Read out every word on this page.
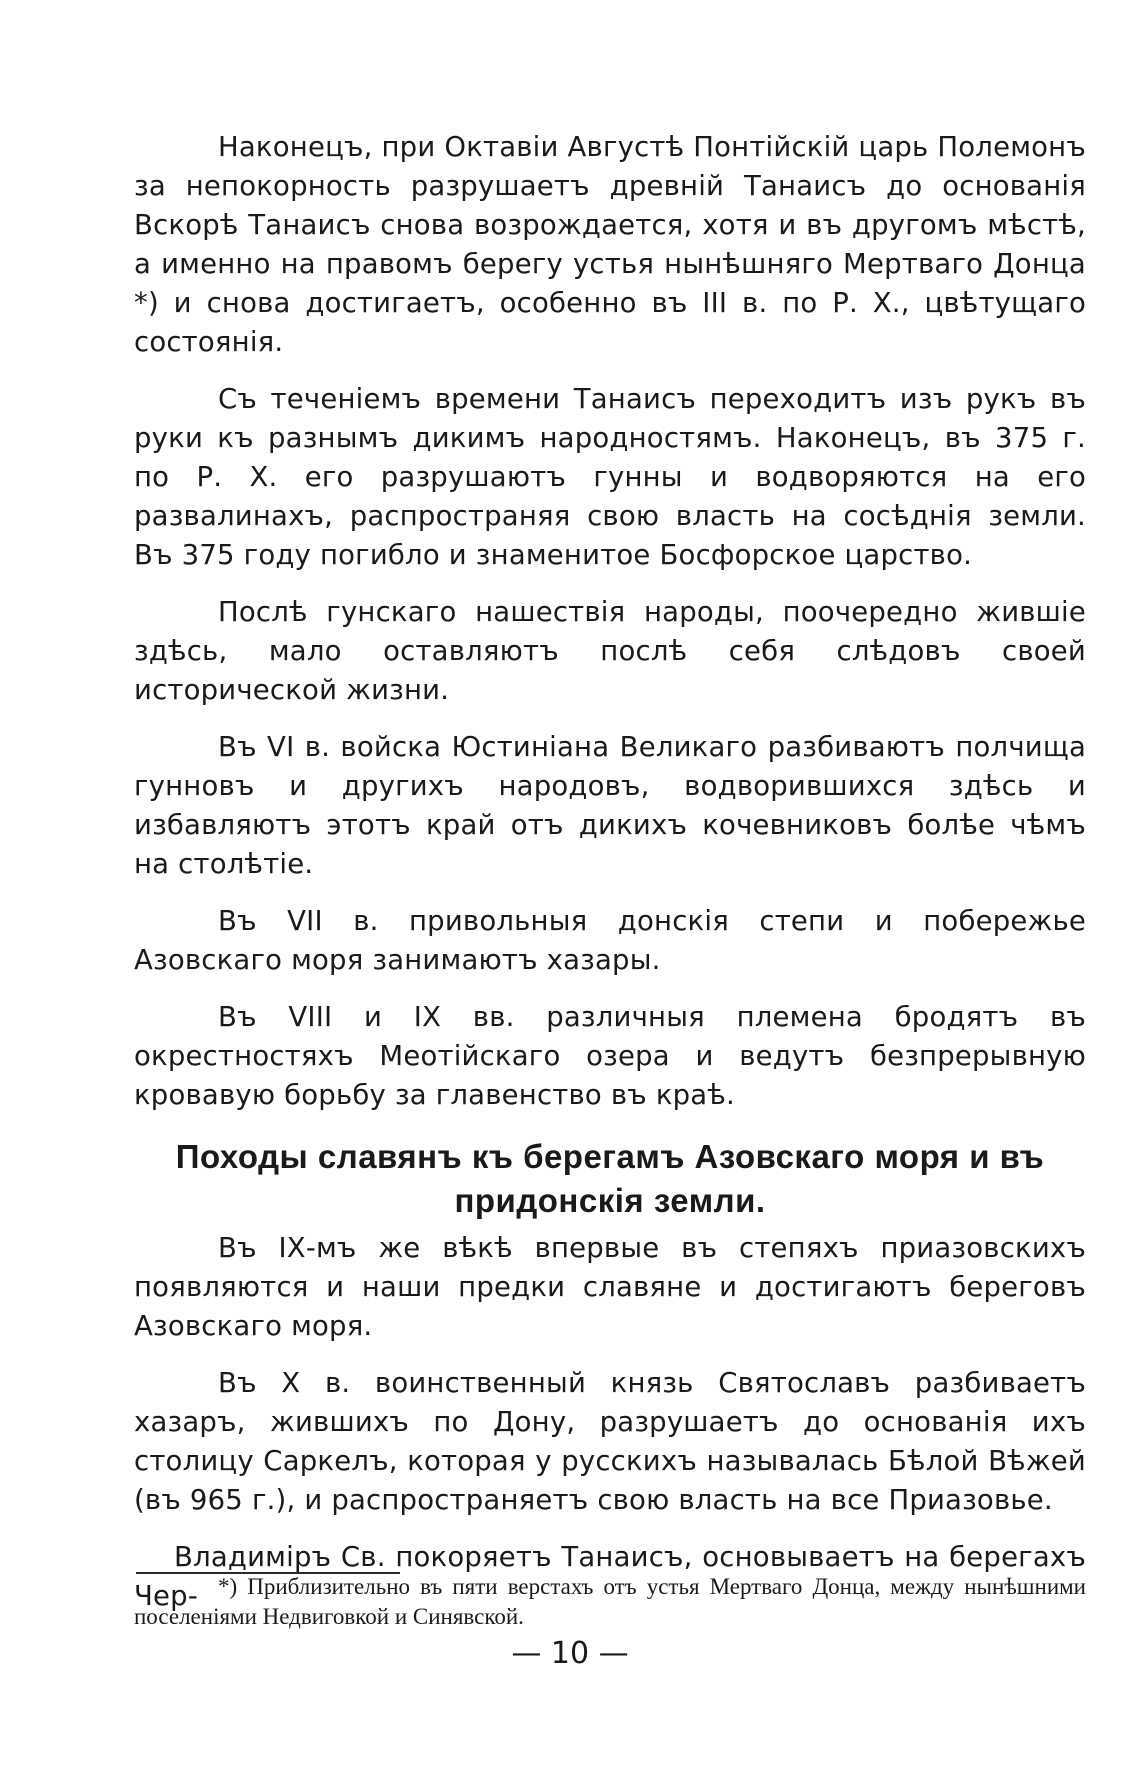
Наконецъ, при Октавіи Августѣ Понтійскій царь Полемонъ за непокорность разрушаетъ древній Танаисъ до основанія Вскорѣ Танаисъ снова возрождается, хотя и въ другомъ мѣстѣ, а именно на правомъ берегу устья нынѣшняго Мертваго Донца *) и снова достигаетъ, особенно въ III в. по Р. Х., цвѣтущаго состоянія.

Съ теченіемъ времени Танаисъ переходитъ изъ рукъ въ руки къ разнымъ дикимъ народностямъ. Наконецъ, въ 375 г. по Р. Х. его разрушаютъ гунны и водворяются на его развалинахъ, распространяя свою власть на сосѣднія земли. Въ 375 году погибло и знаменитое Босфорское царство.

Послѣ гунскаго нашествія народы, поочередно жившіе здѣсь, мало оставляютъ послѣ себя слѣдовъ своей исторической жизни.

Въ VI в. войска Юстиніана Великаго разбиваютъ полчища гунновъ и другихъ народовъ, водворившихся здѣсь и избавляютъ этотъ край отъ дикихъ кочевниковъ болѣе чѣмъ на столѣтіе.

Въ VII в. привольныя донскія степи и побережье Азовскаго моря занимаютъ хазары.

Въ VIII и IX вв. различныя племена бродятъ въ окрестностяхъ Меотійскаго озера и ведутъ безпрерывную кровавую борьбу за главенство въ краѣ.

Походы славянъ къ берегамъ Азовскаго моря и въ придонскія земли.

Въ IХ-мъ же вѣкѣ впервые въ степяхъ приазовскихъ появляются и наши предки славяне и достигаютъ береговъ Азовскаго моря.

Въ Х в. воинственный князь Святославъ разбиваетъ хазаръ, жившихъ по Дону, разрушаетъ до основанія ихъ столицу Саркелъ, которая у русскихъ называлась Бѣлой Вѣжей (въ 965 г.), и распространяетъ свою власть на все Приазовье.

Владиміръ Св. покоряетъ Танаисъ, основываетъ на берегахъ Чер- *) Приблизительно въ пяти верстахъ отъ устья Мертваго Донца, между нынѣшними поселеніями Недвиговкой и Синявской.

— 10 —
